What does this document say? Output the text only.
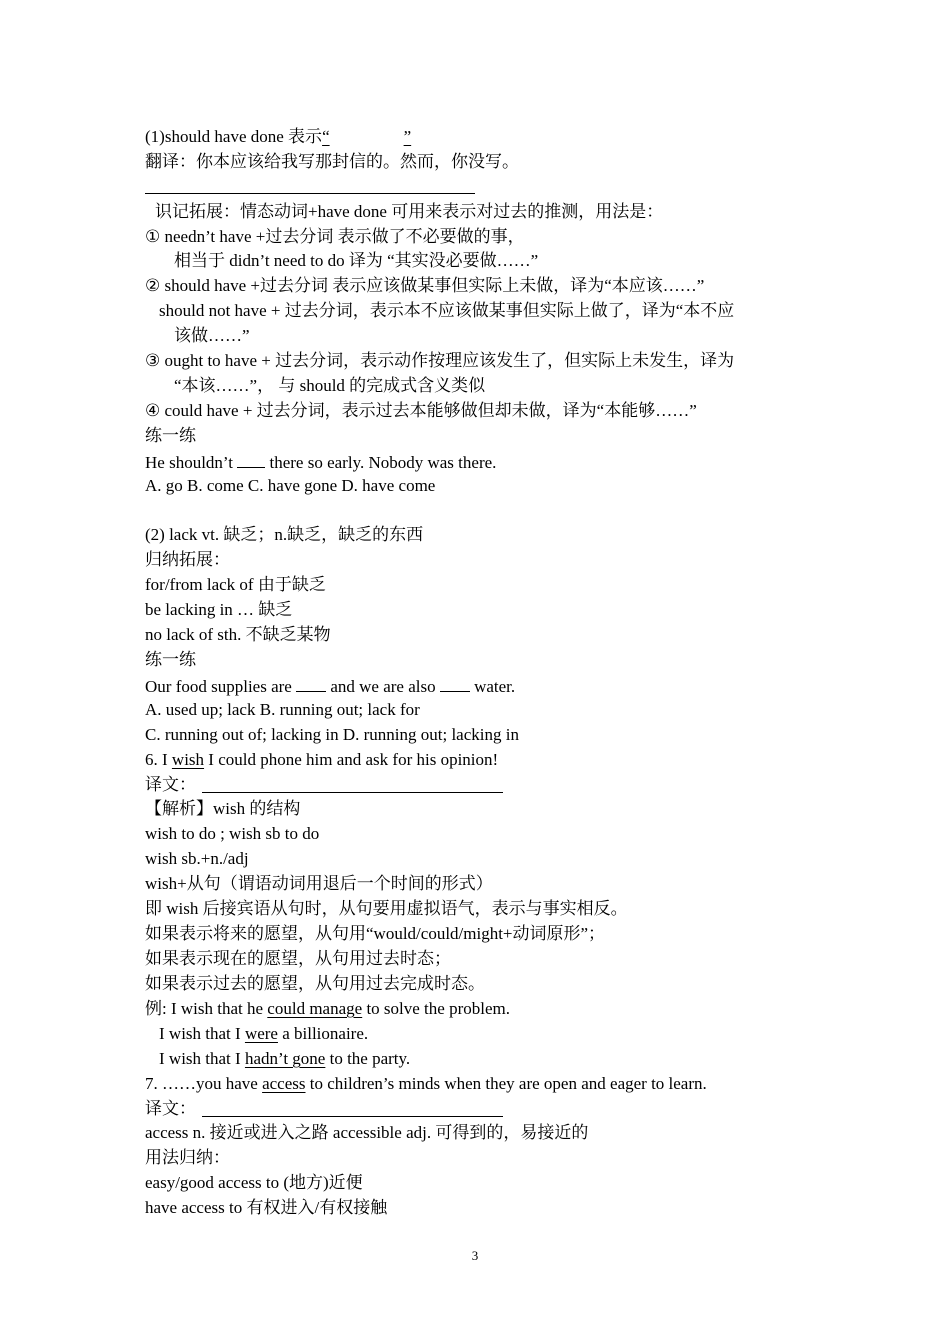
(1)should have done 表示“	”
翻译：你本应该给我写那封信的。然而，你没写。
识记拓展：情态动词+have done 可用来表示对过去的推测，用法是：
① needn’t have +过去分词 表示做了不必要做的事，
相当于 didn’t need to do 译为 “其实没必要做……”
② should have +过去分词 表示应该做某事但实际上未做，译为“本应该……”
should not have + 过去分词，表示本不应该做某事但实际上做了，译为“本不应
该做……”
③ ought to have + 过去分词，表示动作按理应该发生了，但实际上未发生，译为
“本该……”， 与 should 的完成式含义类似
④ could have + 过去分词，表示过去本能够做但却未做，译为“本能够……”
练一练
He shouldn’t  there so early. Nobody was there.
A. go B. come C. have gone D. have come
(2) lack vt. 缺乏；n.缺乏，缺乏的东西
归纳拓展：
for/from lack of 由于缺乏
be lacking in … 缺乏
no lack of sth. 不缺乏某物
练一练
Our food supplies are  and we are also  water.
A. used up; lack B. running out; lack for
C. running out of; lacking in D. running out; lacking in
6. I wish I could phone him and ask for his opinion!
译文：
【解析】wish 的结构
wish to do ; wish sb to do
wish sb.+n./adj
wish+从句（谓语动词用退后一个时间的形式）
即 wish 后接宾语从句时，从句要用虚拟语气，表示与事实相反。
如果表示将来的愿望，从句用“would/could/might+动词原形”；
如果表示现在的愿望，从句用过去时态；
如果表示过去的愿望，从句用过去完成时态。
例: I wish that he could manage to solve the problem.
I wish that I were a billionaire.
I wish that I hadn’t gone to the party.
7. ……you have access to children’s minds when they are open and eager to learn.
译文：
access n. 接近或进入之路 accessible adj. 可得到的，易接近的
用法归纳：
easy/good access to (地方)近便
have access to 有权进入/有权接触
3
